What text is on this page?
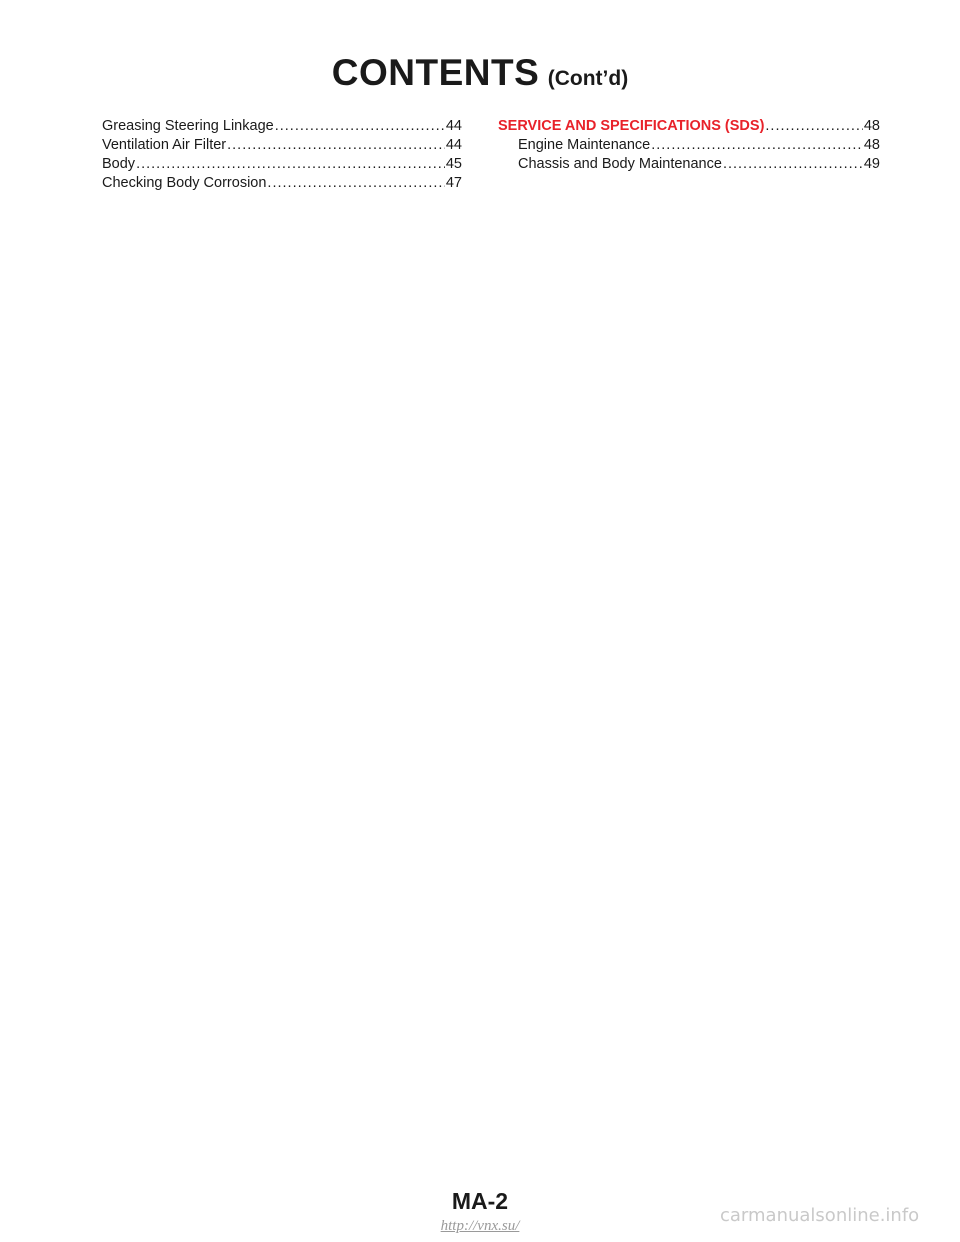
CONTENTS (Cont’d)
Greasing Steering Linkage .....	44
Ventilation Air Filter .....	44
Body .....	45
Checking Body Corrosion .....	47
SERVICE AND SPECIFICATIONS (SDS) .....	48
Engine Maintenance .....	48
Chassis and Body Maintenance .....	49
MA-2
carmanualsonline.info
http://vnx.su/
